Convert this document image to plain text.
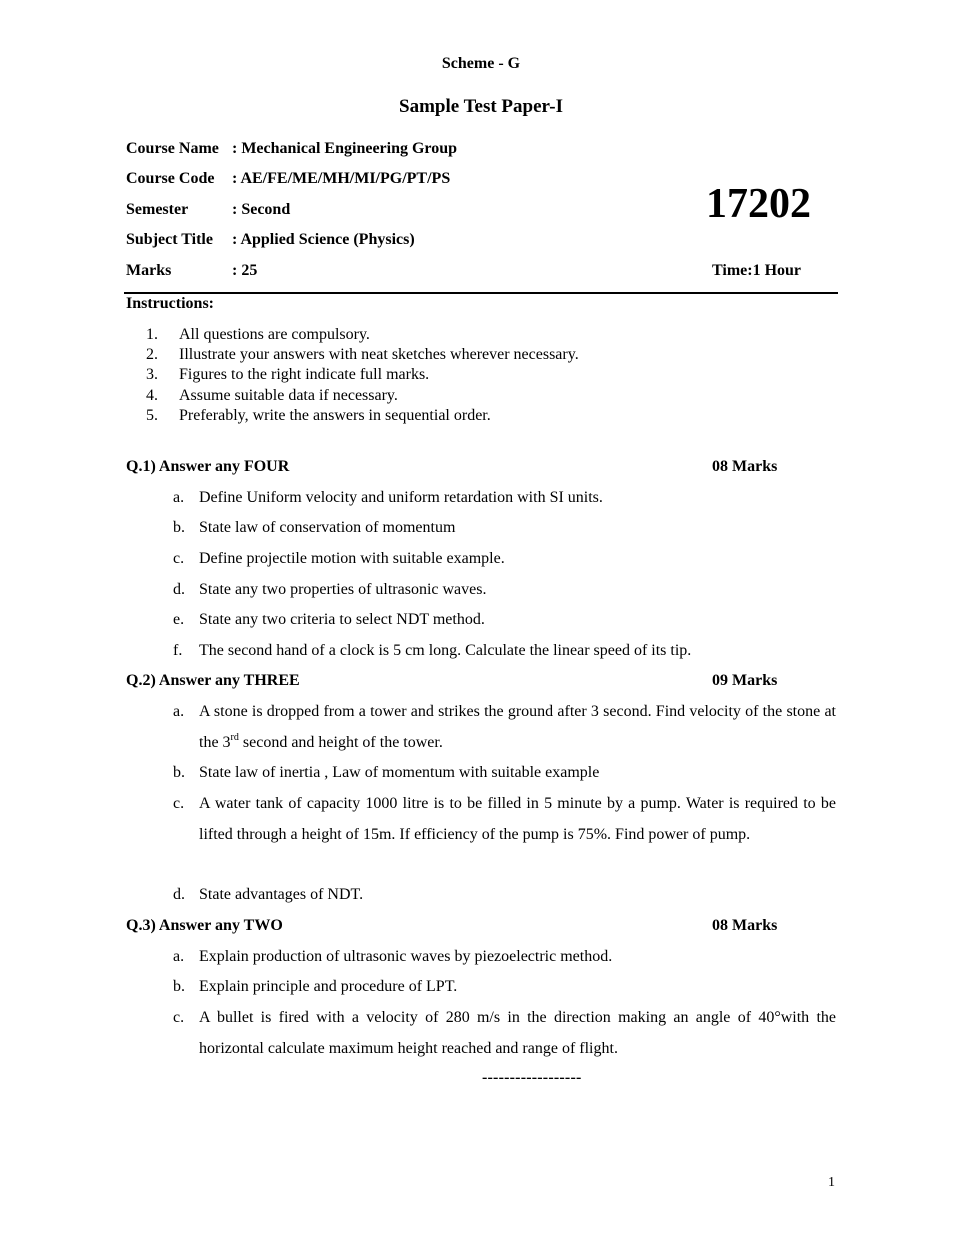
Scheme - G
Sample Test Paper-I
Course Name : Mechanical Engineering Group
Course Code : AE/FE/ME/MH/MI/PG/PT/PS
Semester	: Second
Subject Title : Applied Science (Physics)
Marks	: 25
17202
Time:1 Hour
Instructions:
1. All questions are compulsory.
2. Illustrate your answers with neat sketches wherever necessary.
3. Figures to the right indicate full marks.
4. Assume suitable data if necessary.
5. Preferably, write the answers in sequential order.
Q.1) Answer any FOUR	08 Marks
a. Define Uniform velocity and uniform retardation with SI units.
b. State law of conservation of momentum
c. Define projectile motion with suitable example.
d. State any two properties of ultrasonic waves.
e. State any two criteria to select NDT method.
f. The second hand of a clock is 5 cm long. Calculate the linear speed of its tip.
Q.2) Answer any THREE	09 Marks
a. A stone is dropped from a tower and strikes the ground after 3 second. Find velocity of the stone at the 3rd second and height of the tower.
b. State law of inertia , Law of momentum with suitable example
c. A water tank of capacity 1000 litre is to be filled in 5 minute by a pump. Water is required to be lifted through a height of 15m. If efficiency of the pump is 75%. Find power of pump.
d. State advantages of NDT.
Q.3) Answer any TWO	08 Marks
a. Explain production of ultrasonic waves by piezoelectric method.
b. Explain principle and procedure of LPT.
c. A bullet is fired with a velocity of 280 m/s in the direction making an angle of 40°with the horizontal calculate maximum height reached and range of flight.
------------------
1
